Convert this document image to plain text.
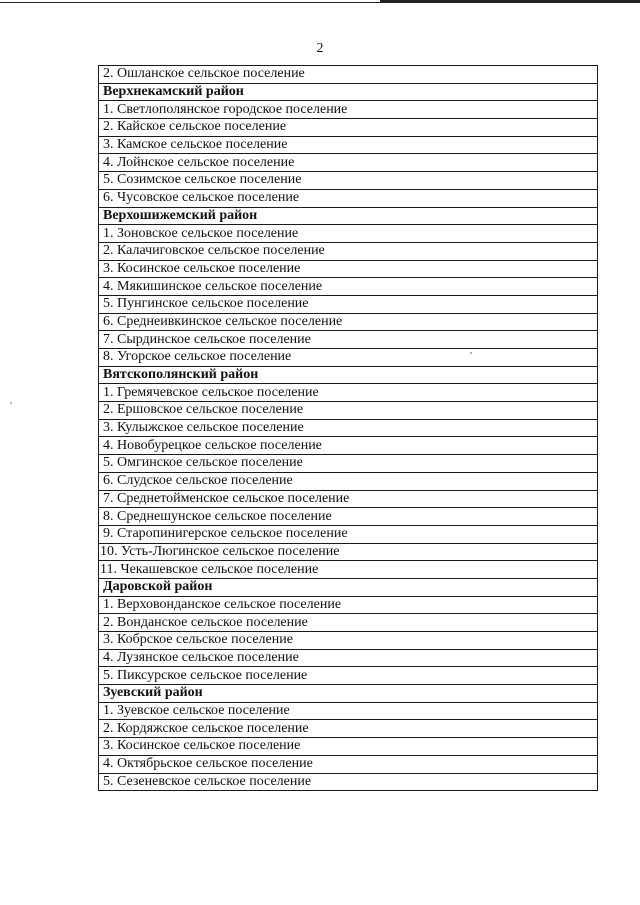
2
2. Ошланское сельское поселение
Верхнекамский район
1. Светлополянское городское поселение
2. Кайское сельское поселение
3. Камское сельское поселение
4. Лойнское сельское поселение
5. Созимское сельское поселение
6. Чусовское сельское поселение
Верхошижемский район
1. Зоновское сельское поселение
2. Калачиговское сельское поселение
3. Косинское сельское поселение
4. Мякишинское сельское поселение
5. Пунгинское сельское поселение
6. Среднеивкинское сельское поселение
7. Сырдинское сельское поселение
8. Угорское сельское поселение
Вятскополянский район
1. Гремячевское сельское поселение
2. Ершовское сельское поселение
3. Кулыжское сельское поселение
4. Новобурецкое сельское поселение
5. Омгинское сельское поселение
6. Слудское сельское поселение
7. Среднетойменское сельское поселение
8. Среднешунское сельское поселение
9. Старопинигерское сельское поселение
10. Усть-Люгинское сельское поселение
11. Чекашевское сельское поселение
Даровской район
1. Верховонданское сельское поселение
2. Вонданское сельское поселение
3. Кобрское сельское поселение
4. Лузянское сельское поселение
5. Пиксурское сельское поселение
Зуевский район
1. Зуевское сельское поселение
2. Кордяжское сельское поселение
3. Косинское сельское поселение
4. Октябрьское сельское поселение
5. Сезеневское сельское поселение
